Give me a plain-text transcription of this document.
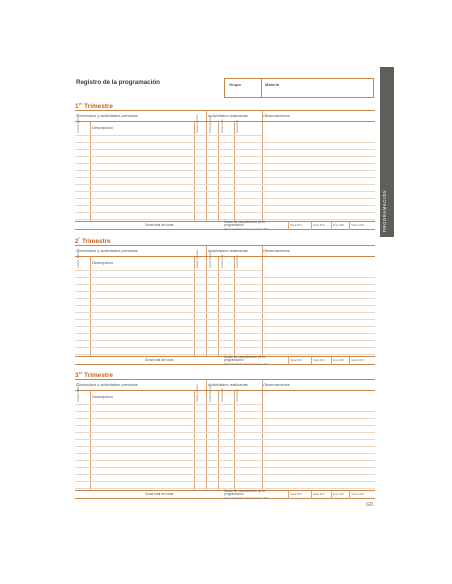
Registro de la programación	Grupo	Materia
PROGRAMACIÓN
1er Trimestre
Contenidos y actividades previstas	Actividades realizadas	Observaciones
Unidad didáctica	Descripción	Tiempo previsto	Fecha prevista	Fecha inicio	Fecha final
Suma total de horas
Grado de cumplimiento de la programación
(Horas impartidas / tiempo previsto x 100)
Hasta 85%	Hasta 90%	Entre 90%	Hasta 100%
$2^º$ Trimestre
Contenidos y actividades previstas	Actividades realizadas	Observaciones
Unidad didáctica	Descripción	Tiempo previsto	Fecha prevista	Fecha inicio	Fecha final
Suma total de horas
Grado de cumplimiento de la programación
(Horas impartidas / tiempo previsto x 100)
Hasta 85%	Hasta 90%	Entre 90%	Hasta 100%
3er Trimestre
Contenidos y actividades previstas	Actividades realizadas	Observaciones
Unidad didáctica	Descripción	Tiempo previsto	Fecha prevista	Fecha inicio	Fecha final
Suma total de horas
Grado de cumplimiento de la programación
(Horas impartidas / tiempo previsto x 100)
Hasta 85%	Hasta 90%	Entre 90%	Hasta 100%
GD
